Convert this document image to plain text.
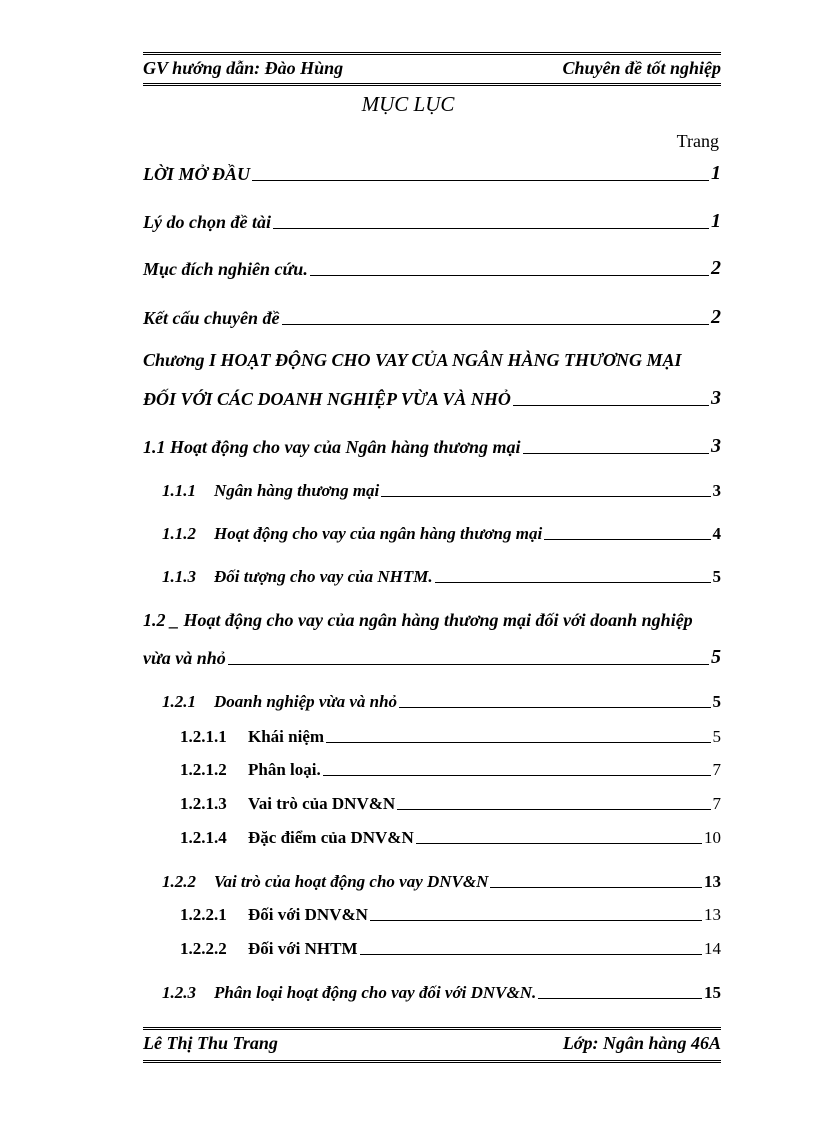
GV hướng dẫn: Đào Hùng	Chuyên đề tốt nghiệp
MỤC LỤC
Trang
LỜI MỞ ĐẦU	1
Lý do chọn đề tài	1
Mục đích nghiên cứu.	2
Kết cấu chuyên đề	2
Chương I HOẠT ĐỘNG CHO VAY CỦA NGÂN HÀNG THƯƠNG MẠI
ĐỐI VỚI CÁC DOANH NGHIỆP VỪA VÀ NHỎ	3
1.1 Hoạt động cho vay của Ngân hàng thương mại	3
1.1.1	Ngân hàng thương mại	3
1.1.2	Hoạt động cho vay của ngân hàng thương mại	4
1.1.3	Đối tượng cho vay của NHTM.	5
1.2 _ Hoạt động cho vay của ngân hàng thương mại đối với doanh nghiệp
vừa và nhỏ	5
1.2.1	Doanh nghiệp vừa và nhỏ	5
1.2.1.1	Khái niệm	5
1.2.1.2	Phân loại.	7
1.2.1.3	Vai trò của DNV&N	7
1.2.1.4	Đặc điểm của DNV&N	10
1.2.2	Vai trò của hoạt động cho vay DNV&N	13
1.2.2.1	Đối với DNV&N	13
1.2.2.2	Đối với NHTM	14
1.2.3	Phân loại hoạt động cho vay đối với DNV&N.	15
Lê Thị Thu Trang	Lớp: Ngân hàng 46A
